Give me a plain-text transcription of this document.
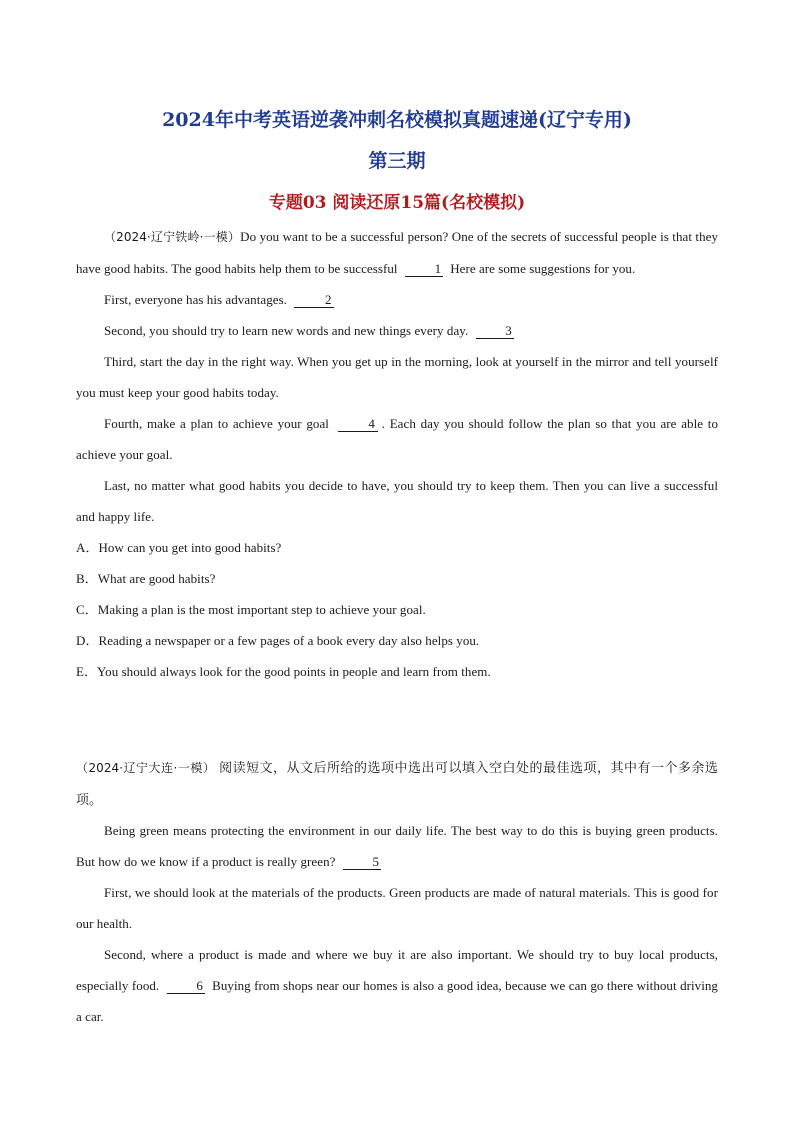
2024年中考英语逆袭冲刺名校模拟真题速递(辽宁专用)
第三期
专题03 阅读还原15篇(名校模拟)

（2024·辽宁铁岭·一模）Do you want to be a successful person? One of the secrets of successful people is that they have good habits. The good habits help them to be successful	1 Here are some suggestions for you.

First, everyone has his advantages.	2

Second, you should try to learn new words and new things every day.	3

Third, start the day in the right way. When you get up in the morning, look at yourself in the mirror and tell yourself you must keep your good habits today.

Fourth, make a plan to achieve your goal	4 . Each day you should follow the plan so that you are able to achieve your goal.

Last, no matter what good habits you decide to have, you should try to keep them. Then you can live a successful and happy life.

A．How can you get into good habits?

B．What are good habits?

C．Making a plan is the most important step to achieve your goal.

D．Reading a newspaper or a few pages of a book every day also helps you.

E．You should always look for the good points in people and learn from them.

（2024·辽宁大连·一模） 阅读短文，从文后所给的选项中选出可以填入空白处的最佳选项，其中有一个多余选项。

Being green means protecting the environment in our daily life. The best way to do this is buying green products. But how do we know if a product is really green?	5

First, we should look at the materials of the products. Green products are made of natural materials. This is good for our health.

Second, where a product is made and where we buy it are also important. We should try to buy local products, especially food.	6 Buying from shops near our homes is also a good idea, because we can go there without driving a car.
